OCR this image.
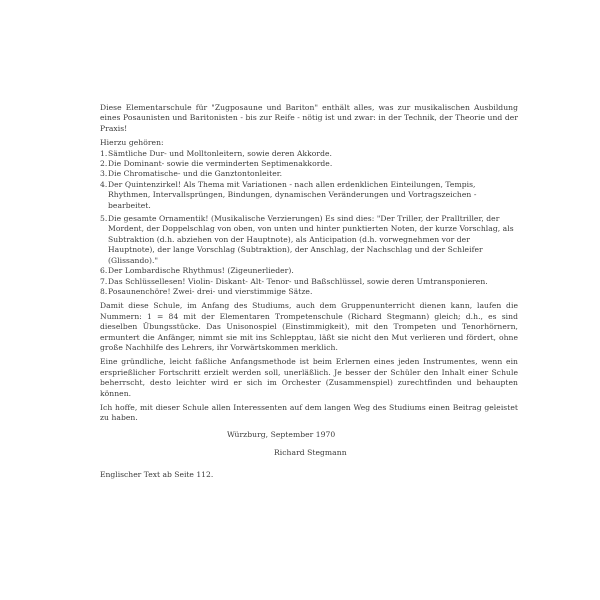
Diese Elementarschule für "Zugposaune und Bariton" enthält alles, was zur musikalischen Ausbildung eines Posaunisten und Baritonisten - bis zur Reife - nötig ist und zwar: in der Technik, der Theorie und der Praxis!

Hierzu gehören:

1. Sämtliche Dur- und Molltonleitern, sowie deren Akkorde.
2. Die Dominant- sowie die verminderten Septimenakkorde.
3. Die Chromatische- und die Ganztontonleiter.
4. Der Quintenzirkel! Als Thema mit Variationen - nach allen erdenklichen Einteilungen, Tempis, Rhythmen, Intervallsprüngen, Bindungen, dynamischen Veränderungen und Vortragszeichen - bearbeitet.
5. Die gesamte Ornamentik! (Musikalische Verzierungen) Es sind dies: "Der Triller, der Pralltriller, der Mordent, der Doppelschlag von oben, von unten und hinter punktierten Noten, der kurze Vorschlag, als Subtraktion (d.h. abziehen von der Hauptnote), als Anticipation (d.h. vorwegnehmen vor der Hauptnote), der lange Vorschlag (Subtraktion), der Anschlag, der Nachschlag und der Schleifer (Glissando)."
6. Der Lombardische Rhythmus! (Zigeunerlieder).
7. Das Schlüssellesen! Violin- Diskant- Alt- Tenor- und Baßschlüssel, sowie deren Umtransponieren.
8. Posaunenchöre! Zwei- drei- und vierstimmige Sätze.

Damit diese Schule, im Anfang des Studiums, auch dem Gruppenunterricht dienen kann, laufen die Nummern: 1 = 84 mit der Elementaren Trompetenschule (Richard Stegmann) gleich; d.h., es sind dieselben Übungsstücke. Das Unisonospiel (Einstimmigkeit), mit den Trompeten und Tenorhörnern, ermuntert die Anfänger, nimmt sie mit ins Schlepptau, läßt sie nicht den Mut verlieren und fördert, ohne große Nachhilfe des Lehrers, ihr Vorwärtskommen merklich.

Eine gründliche, leicht faßliche Anfangsmethode ist beim Erlernen eines jeden Instrumentes, wenn ein ersprießlicher Fortschritt erzielt werden soll, unerläßlich. Je besser der Schüler den Inhalt einer Schule beherrscht, desto leichter wird er sich im Orchester (Zusammenspiel) zurechtfinden und behaupten können.

Ich hoffe, mit dieser Schule allen Interessenten auf dem langen Weg des Studiums einen Beitrag geleistet zu haben.

Würzburg, September 1970

Richard Stegmann

Englischer Text ab Seite 112.
